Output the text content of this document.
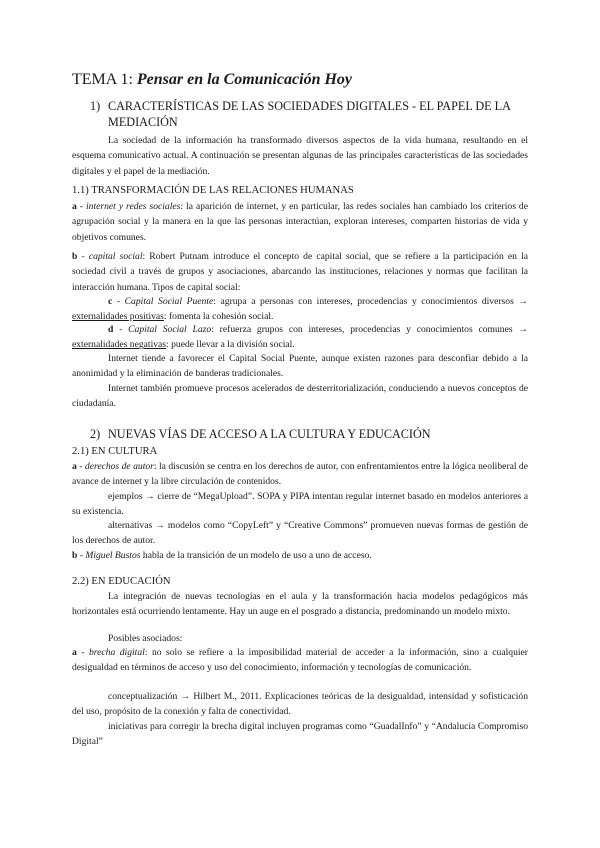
TEMA 1: Pensar en la Comunicación Hoy
1) CARACTERÍSTICAS DE LAS SOCIEDADES DIGITALES - EL PAPEL DE LA MEDIACIÓN
La sociedad de la información ha transformado diversos aspectos de la vida humana, resultando en el esquema comunicativo actual. A continuación se presentan algunas de las principales características de las sociedades digitales y el papel de la mediación.
1.1) TRANSFORMACIÓN DE LAS RELACIONES HUMANAS
a - internet y redes sociales: la aparición de internet, y en particular, las redes sociales han cambiado los criterios de agrupación social y la manera en la que las personas interactúan, exploran intereses, comparten historias de vida y objetivos comunes.
b - capital social: Robert Putnam introduce el concepto de capital social, que se refiere a la participación en la sociedad civil a través de grupos y asociaciones, abarcando las instituciones, relaciones y normas que facilitan la interacción humana. Tipos de capital social:
c - Capital Social Puente: agrupa a personas con intereses, procedencias y conocimientos diversos → externalidades positivas: fomenta la cohesión social.
d - Capital Social Lazo: refuerza grupos con intereses, procedencias y conocimientos comunes → externalidades negativas: puede llevar a la división social.
Internet tiende a favorecer el Capital Social Puente, aunque existen razones para desconfiar debido a la anonimidad y la eliminación de banderas tradicionales.
Internet también promueve procesos acelerados de desterritorialización, conduciendo a nuevos conceptos de ciudadanía.
2) NUEVAS VÍAS DE ACCESO A LA CULTURA Y EDUCACIÓN
2.1) EN CULTURA
a - derechos de autor: la discusión se centra en los derechos de autor, con enfrentamientos entre la lógica neoliberal de avance de internet y la libre circulación de contenidos.
ejemplos → cierre de “MegaUpload”. SOPA y PIPA intentan regular internet basado en modelos anteriores a su existencia.
alternativas → modelos como “CopyLeft” y “Creative Commons” promueven nuevas formas de gestión de los derechos de autor.
b - Miguel Bustos habla de la transición de un modelo de uso a uno de acceso.
2.2) EN EDUCACIÓN
La integración de nuevas tecnologías en el aula y la transformación hacia modelos pedagógicos más horizontales está ocurriendo lentamente. Hay un auge en el posgrado a distancia, predominando un modelo mixto.
Posibles asociados:
a - brecha digital: no solo se refiere a la imposibilidad material de acceder a la información, sino a cualquier desigualdad en términos de acceso y uso del conocimiento, información y tecnologías de comunicación.
conceptualización → Hilbert M., 2011. Explicaciones teóricas de la desigualdad, intensidad y sofisticación del uso, propósito de la conexión y falta de conectividad.
iniciativas para corregir la brecha digital incluyen programas como “GuadalInfo” y “Andalucía Compromiso Digital”
